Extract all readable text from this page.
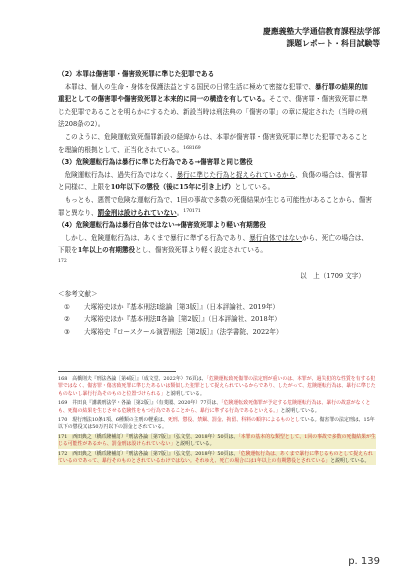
慶應義塾大学通信教育課程法学部
課題レポート・科目試験等

（2）本罪は傷害罪・傷害致死罪に準じた犯罪である

本罪は、個人の生命・身体を保護法益とする国民の日常生活に極めて密接な犯罪で、暴行罪の結果的加重犯としての傷害罪や傷害致死罪と本来的に同一の構造を有している。そこで、傷害罪・傷害致死罪に準じた犯罪であることを明らかにするため、新設当時は刑法典の「傷害の罪」の章に規定された（当時の刑法208条の2）。

このように、危険運転致死傷罪新設の経緯からは、本罪が傷害罪・傷害致死罪に準じた犯罪であることを理論的根拠として、正当化されている。$^{168169}$

（3）危険運転行為は暴行に準じた行為である→傷害罪と同じ懲役

危険運転行為は、過失行為ではなく、暴行に準じた行為と捉えられているから、負傷の場合は、傷害罪と同様に、上限を10年以下の懲役（後に15年に引き上げ）としている。

もっとも、悪質で危険な運転行為で、1回の事故で多数の死傷結果が生じる可能性があることから、傷害罪と異なり、罰金刑は設けられていない。$^{170171}$

（4）危険運転行為は暴行自体ではない→傷害致死罪より軽い有期懲役

しかし、危険運転行為は、あくまで暴行に準ずる行為であり、暴行自体ではないから、死亡の場合は、下限を1年以上の有期懲役とし、傷害致死罪より軽く設定されている。

$^{172}$

以　上（1709 文字）

＜参考文献＞

①	大塚裕史ほか『基本刑法Ⅰ総論［第3版］』（日本評論社、2019年）
②	大塚裕史ほか『基本刑法Ⅱ各論［第2版］』（日本評論社、2018年）
③	大塚裕史『ロースクール演習刑法［第2版］』（法学書院、2022年）

168　 高橋則夫『刑法各論［第4版］』（成文堂、2022年）76頁は、「危険運転致死傷罪の法定刑が重いのは、本罪が、過失犯的な性質を有する犯罪ではなく、傷害罪・傷害致死罪に準じたあるいは類似した犯罪として捉えられているからであり、したがって、危険運転行為は、暴行に準じたものないし暴行行為そのものと位置づけられる」と説明している。

169　 井田良『講義刑法学・各論［第2版］』（有斐閣、2020年）77頁は、「危険運転致死傷罪が予定する危険運転行為は、暴行の故意がなくとも、死傷の結果を生じさせる危険性をもつ行為であることから、暴行に準ずる行為であるといえる。」と説明している。

170　 現行刑法10条1項、6種類の主刑の軽重は、死刑、懲役、禁錮、罰金、拘留、科料の順序によるものとしている。傷害罪の法定刑は、15年以下の懲役又は50万円以下の罰金とされている。

171　 西田典之（橋爪隆補訂）『刑法各論［第7版］』（弘文堂、2018年）50頁は、「本罪の基本的な類型として、1回の事故で多数の死傷結果が生じる可能性があるから、罰金刑は設けられていない」と説明している。

172　 西田典之（橋爪隆補訂）『刑法各論［第7版］』（弘文堂、2018年）50頁は、「危険運転行為は、あくまで暴行に準じるものとして捉えられているのであって、暴行そのものとされているわけではない。それゆえ、死亡の場合には1年以上の有期懲役とされている」と説明している。

p. 139
